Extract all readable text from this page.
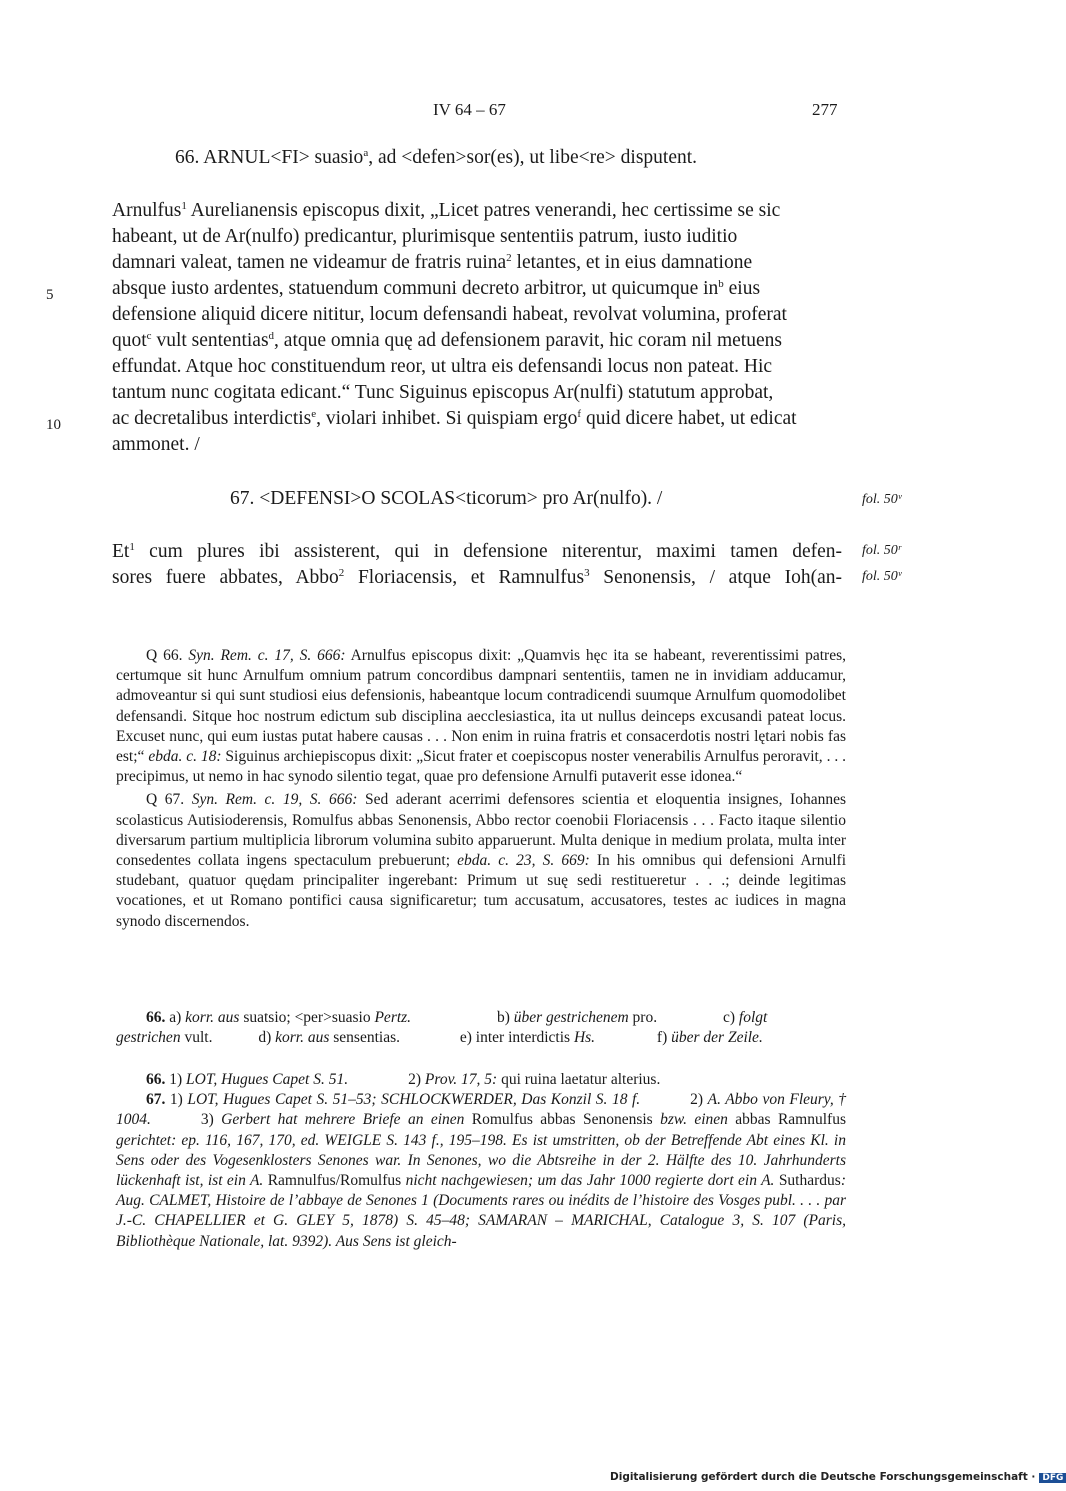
IV 64 – 67	277
66. ARNUL<FI> suasio$^a$, ad <defen>sor(es), ut libe<re> disputent.
Arnulfus$^1$ Aurelianensis episcopus dixit, „Licet patres venerandi, hec certissime se sic
habeant, ut de Ar(nulfo) predicantur, plurimisque sententiis patrum, iusto iuditio
damnari valeat, tamen ne videamur de fratris ruina$^2$ letantes, et in eius damnatione
absque iusto ardentes, statuendum communi decreto arbitror, ut quicumque $in^b$ eius
defensione aliquid dicere nititur, locum defensandi habeat, revolvat volumina, proferat
quot$^c$ vult sententias$^d$, atque omnia quę ad defensionem paravit, hic coram nil metuens
effundat. Atque hoc constituendum reor, ut ultra eis defensandi locus non pateat. Hic
tantum nunc cogitata edicant.“ Tunc Siguinus episcopus Ar(nulfi) statutum approbat,
ac decretalibus interdictis$^e$, violari inhibet. Si quispiam ergo$^f$ quid dicere habet, ut edicat
ammonet. /
5
10
67. <DEFENSI>O SCOLAS<ticorum> pro Ar(nulfo). /	fol. 50ᵛ
Et$^1$ cum plures ibi assisterent, qui in defensione niterentur, maximi tamen defen-
sores fuere abbates, Abbo$^2$ Floriacensis, et Ramnulfus$^3$ Senonensis, / atque Ioh(an-
fol. 50ʳ
fol. 50ᵛ

Q 66. Syn. Rem. c. 17, S. 666: Arnulfus episcopus dixit: „Quamvis hęc ita se habeant, reverentissimi patres, certumque sit hunc Arnulfum omnium patrum concordibus dampnari sententiis, tamen ne in invidiam adducamur, admoveantur si qui sunt studiosi eius defensionis, habeantque locum contradicendi suumque Arnulfum quomodolibet defensandi. Sitque hoc nostrum edictum sub disciplina aecclesiastica, ita ut nullus deinceps excusandi pateat locus. Excuset nunc, qui eum iustas putat habere causas . . . Non enim in ruina fratris et consacerdotis nostri lętari nobis fas est;“ ebda. c. 18: Siguinus archiepiscopus dixit: „Sicut frater et coepiscopus noster venerabilis Arnulfus peroravit, . . . precipimus, ut nemo in hac synodo silentio tegat, quae pro defensione Arnulfi putaverit esse idonea.“

Q 67. Syn. Rem. c. 19, S. 666: Sed aderant acerrimi defensores scientia et eloquentia insignes, Iohannes scolasticus Autisioderensis, Romulfus abbas Senonensis, Abbo rector coenobii Floriacensis . . . Facto itaque silentio diversarum partium multiplicia librorum volumina subito apparuerunt. Multa denique in medium prolata, multa inter consedentes collata ingens spectaculum prebuerunt; ebda. c. 23, S. 669: In his omnibus qui defensioni Arnulfi studebant, quatuor quędam principaliter ingerebant: Primum ut suę sedi restitueretur . . .; deinde legitimas vocationes, et ut Romano pontifici causa significaretur; tum accusatum, accusatores, testes ac iudices in magna synodo discernendos.

66. a) korr. aus suatsio; <per>suasio Pertz.	b) über gestrichenem pro.	c) folgt
gestrichen vult.	d) korr. aus sensentias.	e) inter interdictis Hs.	f) über der Zeile.

66. 1) LOT, Hugues Capet S. 51.	2) Prov. 17, 5: qui ruina laetatur alterius.

67. 1) LOT, Hugues Capet S. 51–53; SCHLOCKWERDER, Das Konzil S. 18 f.	2) A. Abbo von Fleury, † 1004.	3) Gerbert hat mehrere Briefe an einen Romulfus abbas Senonensis bzw. einen abbas Ramnulfus gerichtet: ep. 116, 167, 170, ed. WEIGLE S. 143 f., 195–198. Es ist umstritten, ob der Betreffende Abt eines Kl. in Sens oder des Vogesenklosters Senones war. In Senones, wo die Abtsreihe in der 2. Hälfte des 10. Jahrhunderts lückenhaft ist, ist ein A. Ramnulfus/Romulfus nicht nachgewiesen; um das Jahr 1000 regierte dort ein A. Suthardus: Aug. CALMET, Histoire de l’abbaye de Senones 1 (Documents rares ou inédits de l’histoire des Vosges publ. . . . par J.-C. CHAPELLIER et G. GLEY 5, 1878) S. 45–48; SAMARAN – MARICHAL, Catalogue 3, S. 107 (Paris, Bibliothèque Nationale, lat. 9392). Aus Sens ist gleich-

Digitalisierung gefördert durch die Deutsche Forschungsgemeinschaft · DFG
